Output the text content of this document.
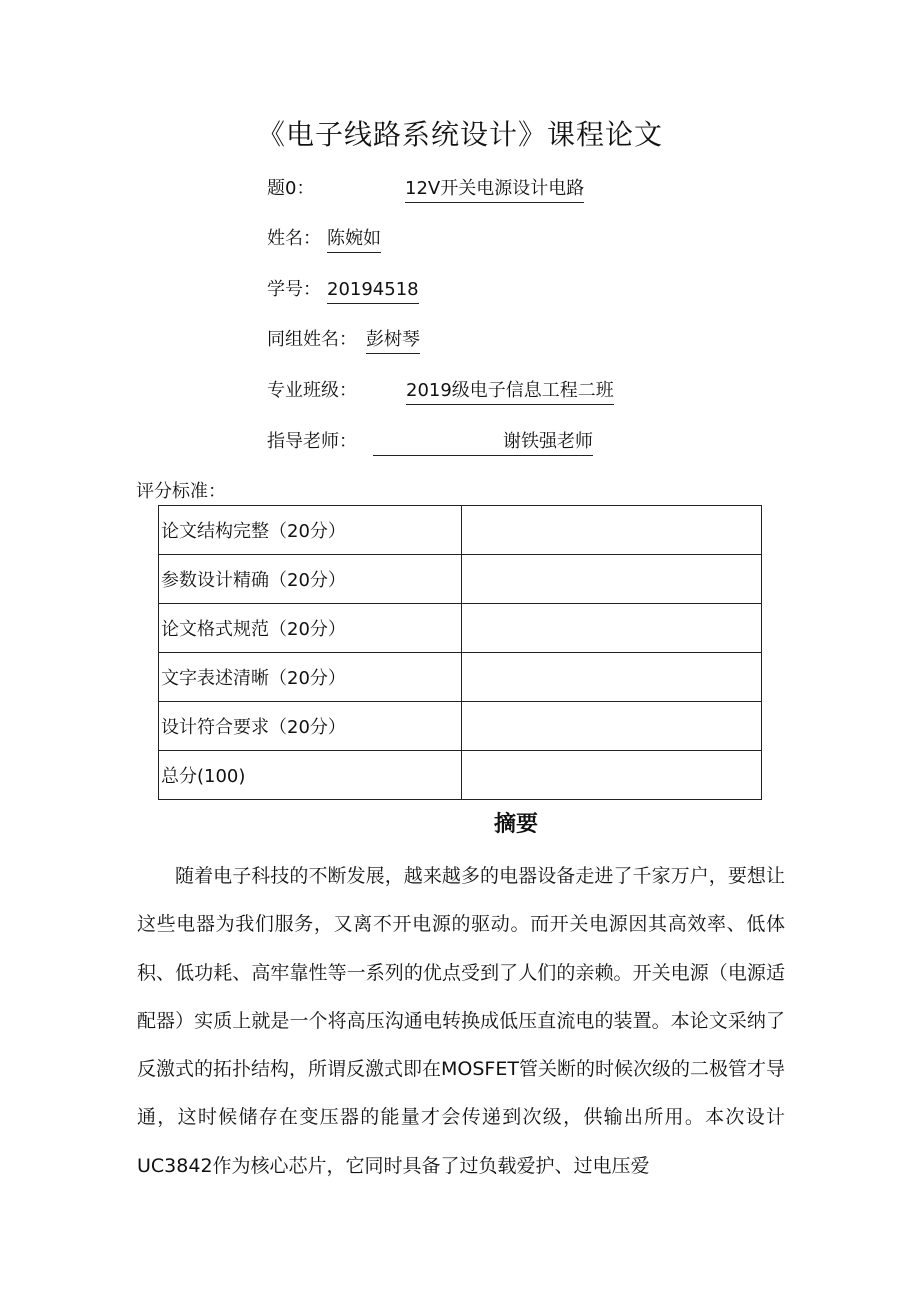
《电子线路系统设计》课程论文
题0：	12V开关电源设计电路
姓名： 陈婉如
学号： 20194518
同组姓名： 彭树琴
专业班级：	2019级电子信息工程二班
指导老师：	谢铁强老师
评分标准：
论文结构完整（20分）	
参数设计精确（20分）	
论文格式规范（20分）	
文字表述清晰（20分）	
设计符合要求（20分）	
总分(100)	
摘要

随着电子科技的不断发展，越来越多的电器设备走进了千家万户，要想让这些电器为我们服务，又离不开电源的驱动。而开关电源因其高效率、低体积、低功耗、高牢靠性等一系列的优点受到了人们的亲赖。开关电源（电源适配器）实质上就是一个将高压沟通电转换成低压直流电的装置。本论文采纳了反激式的拓扑结构，所谓反激式即在MOSFET管关断的时候次级的二极管才导通，这时候储存在变压器的能量才会传递到次级，供输出所用。本次设计UC3842作为核心芯片，它同时具备了过负载爱护、过电压爱
